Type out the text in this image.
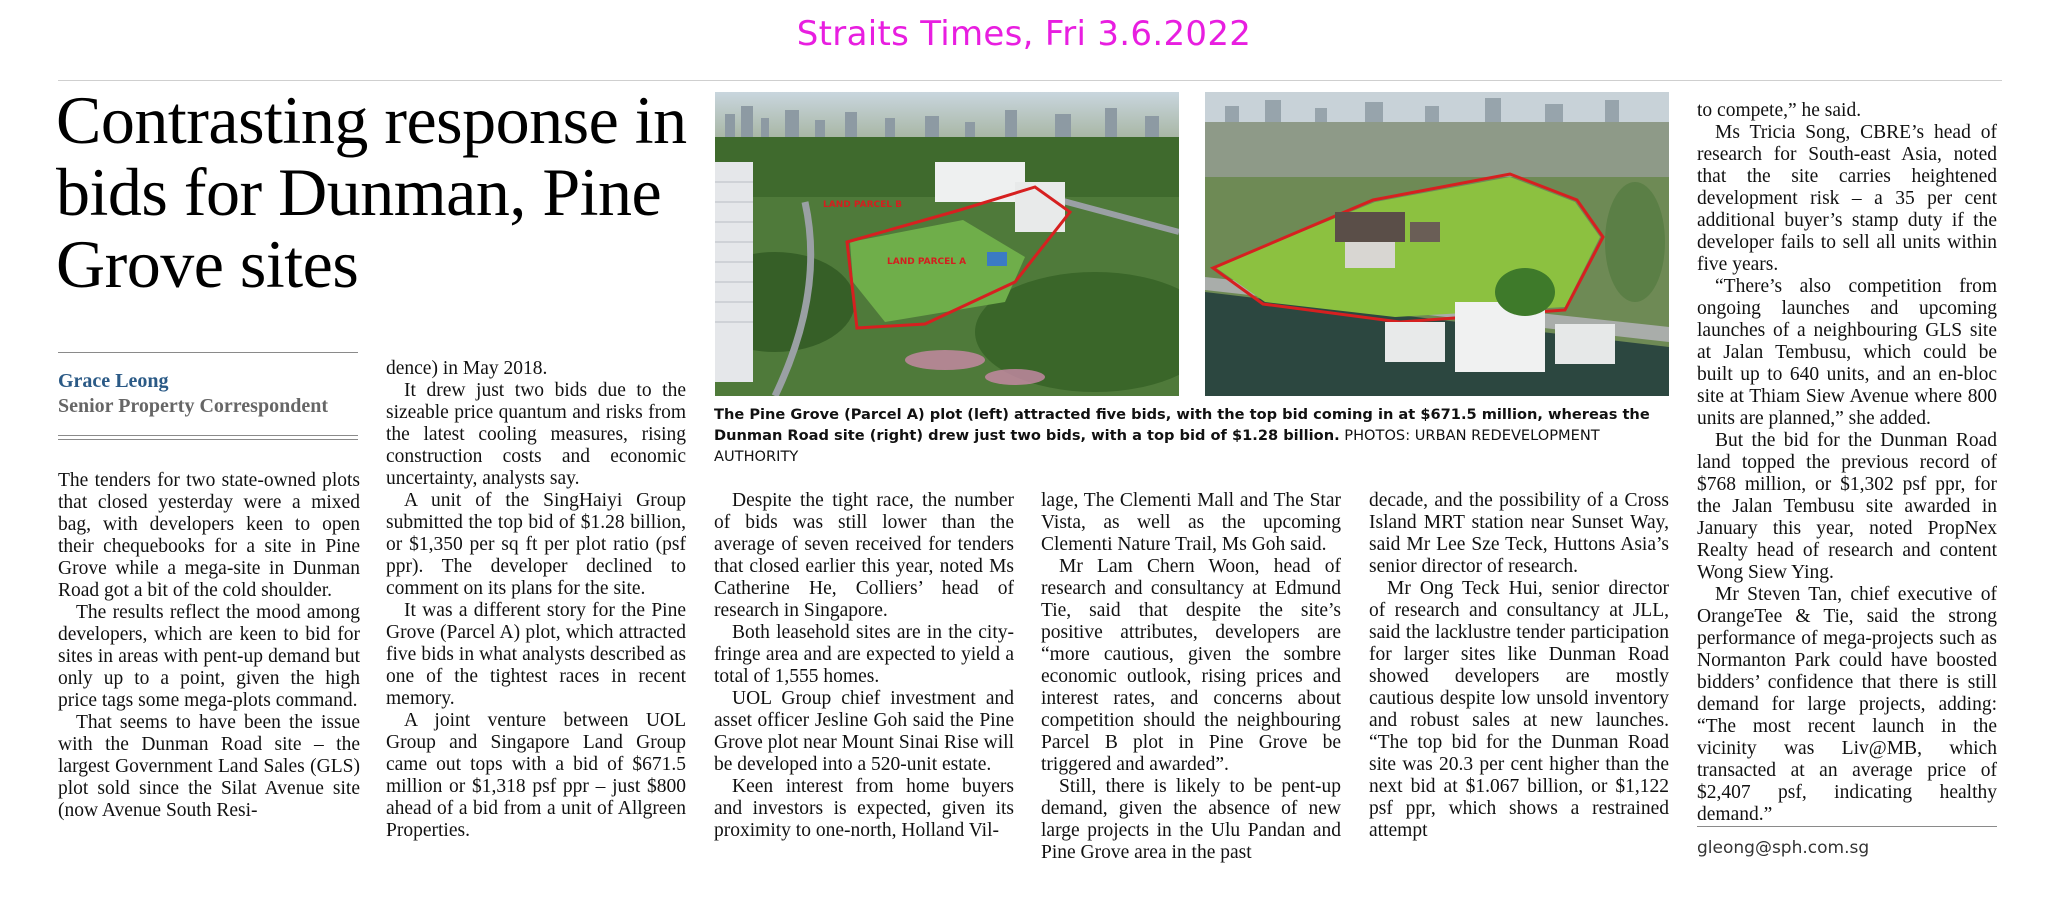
Straits Times, Fri 3.6.2022
Contrasting response in bids for Dunman, Pine Grove sites
Grace Leong
Senior Property Correspondent

The tenders for two state-owned plots that closed yesterday were a mixed bag, with developers keen to open their chequebooks for a site in Pine Grove while a mega-site in Dunman Road got a bit of the cold shoulder.

The results reflect the mood among developers, which are keen to bid for sites in areas with pent-up demand but only up to a point, given the high price tags some mega-plots command.

That seems to have been the issue with the Dunman Road site – the largest Government Land Sales (GLS) plot sold since the Silat Avenue site (now Avenue South Resi-

dence) in May 2018.

It drew just two bids due to the sizeable price quantum and risks from the latest cooling measures, rising construction costs and economic uncertainty, analysts say.

A unit of the SingHaiyi Group submitted the top bid of $1.28 billion, or $1,350 per sq ft per plot ratio (psf ppr). The developer declined to comment on its plans for the site.

It was a different story for the Pine Grove (Parcel A) plot, which attracted five bids in what analysts described as one of the tightest races in recent memory.

A joint venture between UOL Group and Singapore Land Group came out tops with a bid of $671.5 million or $1,318 psf ppr – just $800 ahead of a bid from a unit of Allgreen Properties.

LAND PARCEL B
LAND PARCEL A
The Pine Grove (Parcel A) plot (left) attracted five bids, with the top bid coming in at $671.5 million, whereas the Dunman Road site (right) drew just two bids, with a top bid of $1.28 billion. PHOTOS: URBAN REDEVELOPMENT AUTHORITY

Despite the tight race, the number of bids was still lower than the average of seven received for tenders that closed earlier this year, noted Ms Catherine He, Colliers’ head of research in Singapore.

Both leasehold sites are in the city-fringe area and are expected to yield a total of 1,555 homes.

UOL Group chief investment and asset officer Jesline Goh said the Pine Grove plot near Mount Sinai Rise will be developed into a 520-unit estate.

Keen interest from home buyers and investors is expected, given its proximity to one-north, Holland Vil-

lage, The Clementi Mall and The Star Vista, as well as the upcoming Clementi Nature Trail, Ms Goh said.

Mr Lam Chern Woon, head of research and consultancy at Edmund Tie, said that despite the site’s positive attributes, developers are “more cautious, given the sombre economic outlook, rising prices and interest rates, and concerns about competition should the neighbouring Parcel B plot in Pine Grove be triggered and awarded”.

Still, there is likely to be pent-up demand, given the absence of new large projects in the Ulu Pandan and Pine Grove area in the past

decade, and the possibility of a Cross Island MRT station near Sunset Way, said Mr Lee Sze Teck, Huttons Asia’s senior director of research.

Mr Ong Teck Hui, senior director of research and consultancy at JLL, said the lacklustre tender participation for larger sites like Dunman Road showed developers are mostly cautious despite low unsold inventory and robust sales at new launches. “The top bid for the Dunman Road site was 20.3 per cent higher than the next bid at $1.067 billion, or $1,122 psf ppr, which shows a restrained attempt

to compete,” he said.

Ms Tricia Song, CBRE’s head of research for South-east Asia, noted that the site carries heightened development risk – a 35 per cent additional buyer’s stamp duty if the developer fails to sell all units within five years.

“There’s also competition from ongoing launches and upcoming launches of a neighbouring GLS site at Jalan Tembusu, which could be built up to 640 units, and an en-bloc site at Thiam Siew Avenue where 800 units are planned,” she added.

But the bid for the Dunman Road land topped the previous record of $768 million, or $1,302 psf ppr, for the Jalan Tembusu site awarded in January this year, noted PropNex Realty head of research and content Wong Siew Ying.

Mr Steven Tan, chief executive of OrangeTee & Tie, said the strong performance of mega-projects such as Normanton Park could have boosted bidders’ confidence that there is still demand for large projects, adding: “The most recent launch in the vicinity was Liv@MB, which transacted at an average price of $2,407 psf, indicating healthy demand.”

gleong@sph.com.sg
